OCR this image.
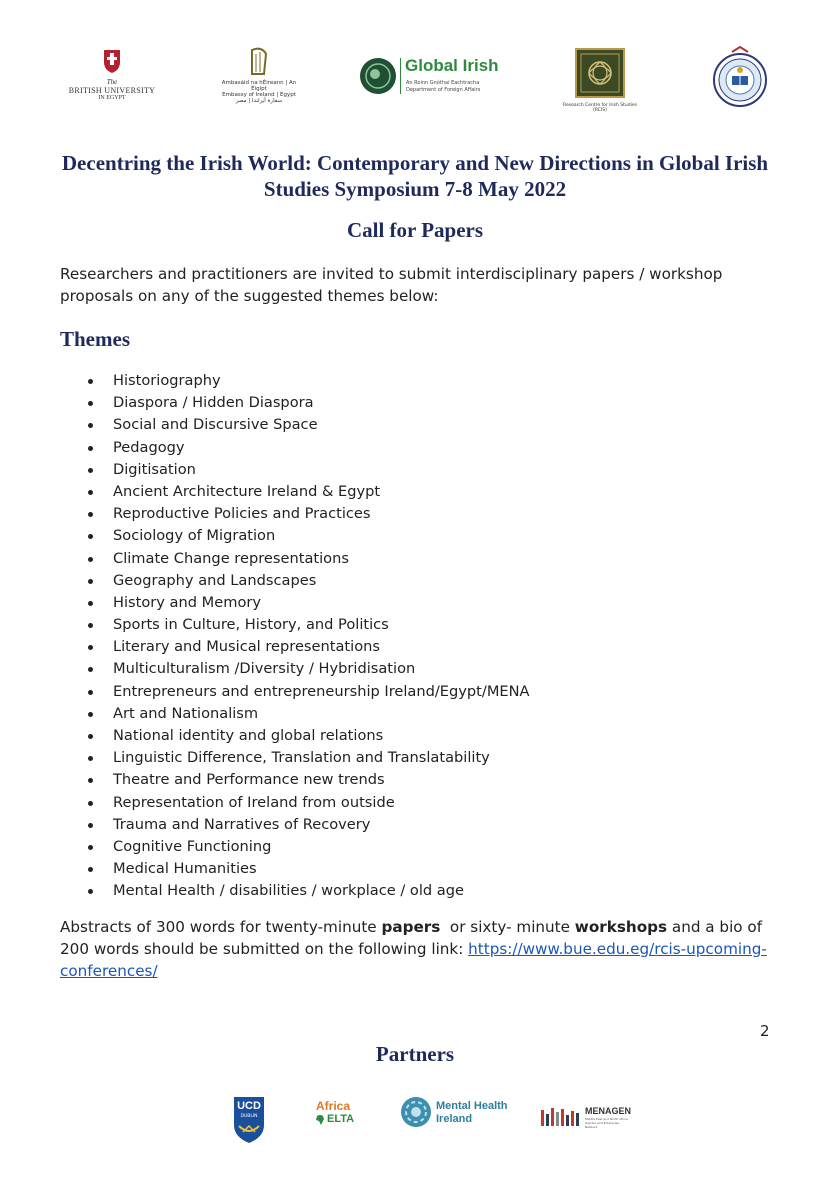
The
BRITISH UNIVERSITY
IN EGYPT
Ambasáid na hÉireann | An Éigipt
Embassy of Ireland | Egypt
سفارة أيرلندا | مصر
Global Irish
An Roinn Gnóthaí Eachtracha
Department of Foreign Affairs
Research Centre for Irish Studies (RCIS)
Decentring the Irish World: Contemporary and New Directions in Global Irish Studies Symposium 7-8 May 2022
Call for Papers
Researchers and practitioners are invited to submit interdisciplinary papers / workshop proposals on any of the suggested themes below:
Themes
Historiography
Diaspora / Hidden Diaspora
Social and Discursive Space
Pedagogy
Digitisation
Ancient Architecture Ireland & Egypt
Reproductive Policies and Practices
Sociology of Migration
Climate Change representations
Geography and Landscapes
History and Memory
Sports in Culture, History, and Politics
Literary and Musical representations
Multiculturalism /Diversity / Hybridisation
Entrepreneurs and entrepreneurship Ireland/Egypt/MENA
Art and Nationalism
National identity and global relations
Linguistic Difference, Translation and Translatability
Theatre and Performance new trends
Representation of Ireland from outside
Trauma and Narratives of Recovery
Cognitive Functioning
Medical Humanities
Mental Health / disabilities / workplace / old age
Abstracts of 300 words for twenty-minute papers  or sixty- minute workshops and a bio of 200 words should be submitted on the following link: https://www.bue.edu.eg/rcis-upcoming-conferences/
2
Partners
UCD
DUBLIN
Africa
ELTA
Mental Health
Ireland
MENAGEN
Middle East and North Africa Gender and Enterprise Network
